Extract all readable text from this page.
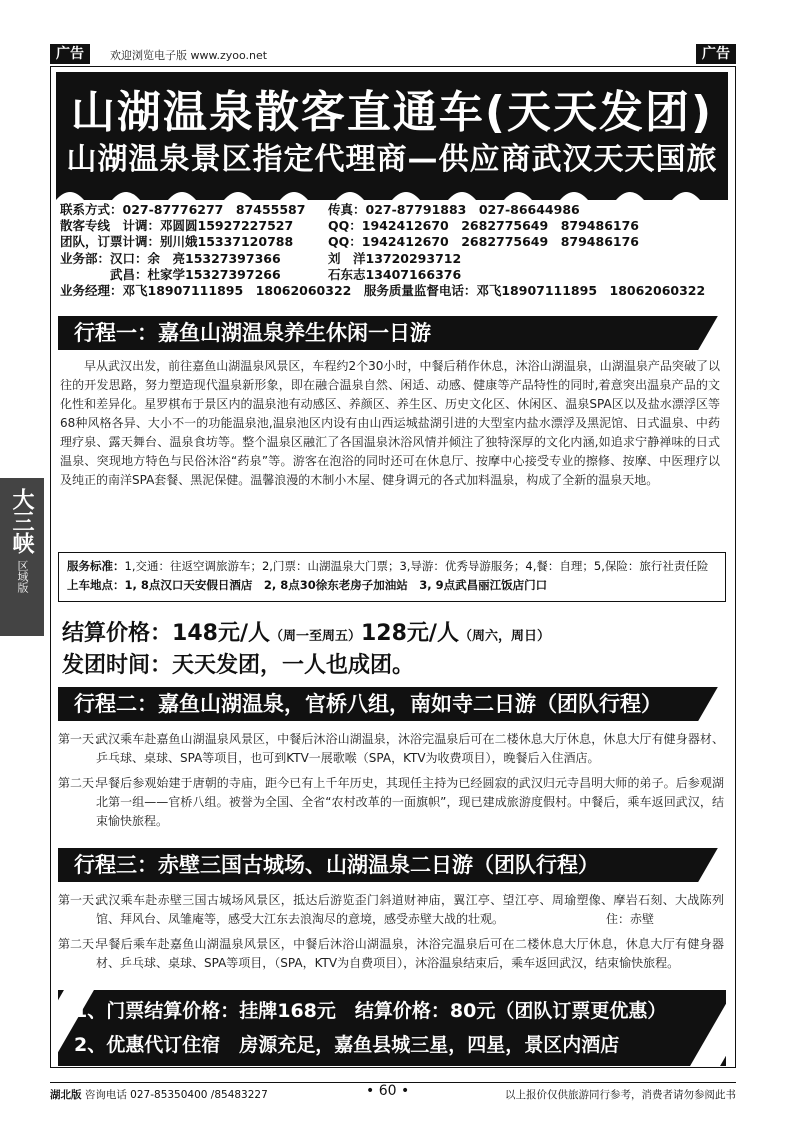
广告	欢迎浏览电子版 www.zyoo.net	广告
山湖温泉散客直通车(天天发团)
山湖温泉景区指定代理商—供应商武汉天天国旅
联系方式：027-87776277　87455587 传真：027-87791883　027-86644986
散客专线　计调：邓圆圆15927227527	QQ：1942412670　2682775649　879486176
团队，订票计调：别川娥15337120788	QQ：1942412670　2682775649　879486176
业务部：汉口：余　亮15327397366	刘　洋13720293712
　　　　武昌：杜家学15327397266	石东志13407166376
业务经理：邓飞18907111895　18062060322　服务质量监督电话：邓飞18907111895　18062060322
行程一：嘉鱼山湖温泉养生休闲一日游
早从武汉出发，前往嘉鱼山湖温泉风景区，车程约2个30小时，中餐后稍作休息，沐浴山湖温泉，山湖温泉产品突破了以往的开发思路，努力塑造现代温泉新形象，即在融合温泉自然、闲适、动感、健康等产品特性的同时,着意突出温泉产品的文化性和差异化。星罗棋布于景区内的温泉池有动感区、养颜区、养生区、历史文化区、休闲区、温泉SPA区以及盐水漂浮区等68种风格各异、大小不一的功能温泉池,温泉池区内设有由山西运城盐湖引进的大型室内盐水漂浮及黑泥馆、日式温泉、中药理疗泉、露天舞台、温泉食坊等。整个温泉区融汇了各国温泉沐浴风情并倾注了独特深厚的文化内涵,如追求宁静禅味的日式温泉、突现地方特色与民俗沐浴“药泉”等。游客在泡浴的同时还可在休息厅、按摩中心接受专业的擦修、按摩、中医理疗以及纯正的南洋SPA套餐、黑泥保健。温馨浪漫的木制小木屋、健身调元的各式加料温泉，构成了全新的温泉天地。
服务标准：1,交通：往返空调旅游车；2,门票：山湖温泉大门票；3,导游：优秀导游服务；4,餐：自理；5,保险：旅行社责任险
上车地点：1, 8点汉口天安假日酒店　2, 8点30徐东老房子加油站　3, 9点武昌丽江饭店门口
结算价格：148元/人（周一至周五）128元/人（周六，周日）
发团时间：天天发团，一人也成团。
行程二：嘉鱼山湖温泉，官桥八组，南如寺二日游（团队行程）
第一天：
武汉乘车赴嘉鱼山湖温泉风景区，中餐后沐浴山湖温泉，沐浴完温泉后可在二楼休息大厅休息，休息大厅有健身器材、乒乓球、桌球、SPA等项目，也可到KTV一展歌喉（SPA，KTV为收费项目），晚餐后入住酒店。
第二天：
早餐后参观始建于唐朝的寺庙，距今已有上千年历史，其现任主持为已经圆寂的武汉归元寺昌明大师的弟子。后参观湖北第一组——官桥八组。被誉为全国、全省“农村改革的一面旗帜”，现已建成旅游度假村。中餐后，乘车返回武汉，结束愉快旅程。
行程三：赤壁三国古城场、山湖温泉二日游（团队行程）
第一天：
武汉乘车赴赤壁三国古城场风景区，抵达后游览歪门斜道财神庙，翼江亭、望江亭、周瑜塑像、摩岩石刻、大战陈列馆、拜风台、凤雏庵等，感受大江东去浪淘尽的意境，感受赤壁大战的壮观。　　　　　　　　　住：赤壁
第二天：
早餐后乘车赴嘉鱼山湖温泉风景区，中餐后沐浴山湖温泉，沐浴完温泉后可在二楼休息大厅休息，休息大厅有健身器材、乒乓球、桌球、SPA等项目，（SPA，KTV为自费项目），沐浴温泉结束后，乘车返回武汉，结束愉快旅程。
1、门票结算价格：挂牌168元　结算价格：80元（团队订票更优惠）
2、优惠代订住宿　房源充足，嘉鱼县城三星，四星，景区内酒店
湖北版 咨询电话 027-85350400 /85483227	• 60 •	以上报价仅供旅游同行参考，消费者请勿参阅此书
大三峡
区域版
